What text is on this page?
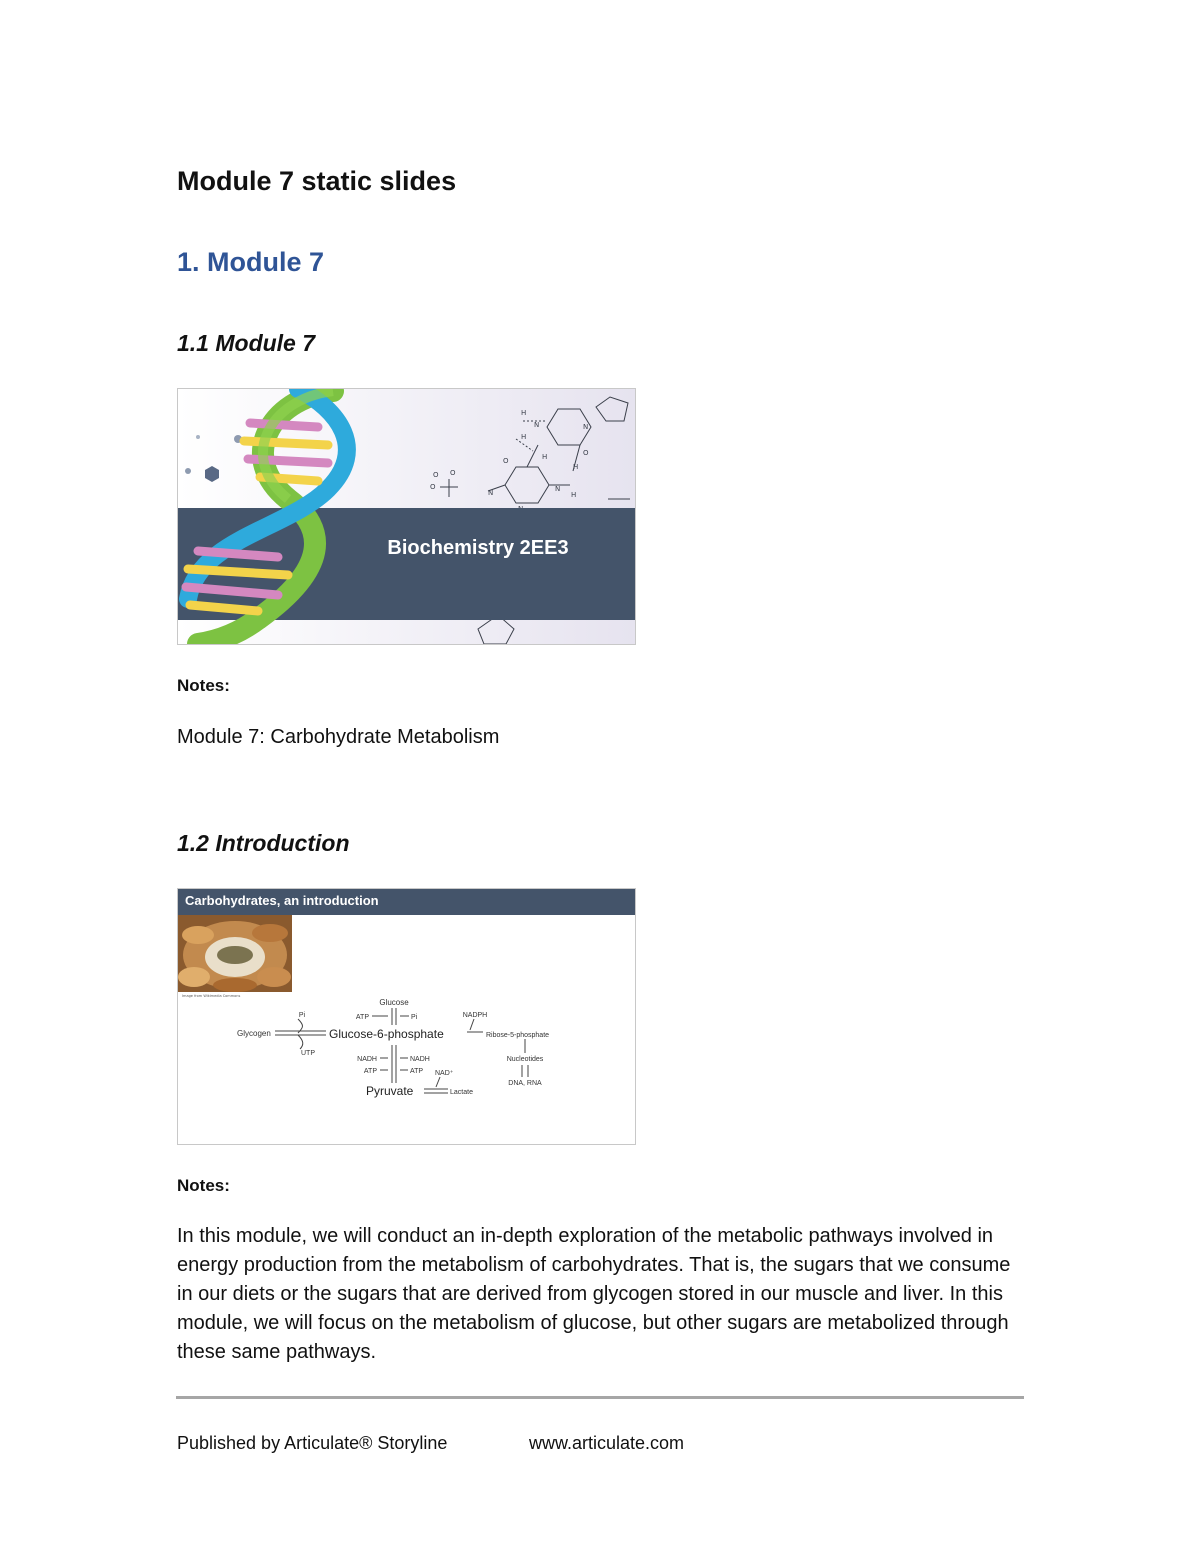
Module 7 static slides
1. Module 7
1.1 Module 7
H
N	N
O
O
H
H
H
N
H
O
O
O
N
Biochemistry 2EE3
Notes:
Module 7: Carbohydrate Metabolism
1.2 Introduction
Carbohydrates, an introduction
Image from Wikimedia Commons
Glucose
ATP	Pi
Glycogen
Pi
UTP
Glucose-6-phosphate
NADPH
Ribose-5-phosphate
Nucleotides
DNA, RNA
NADH	NADH
ATP	ATP NAD⁺
Pyruvate	Lactate
Notes:
In this module, we will conduct an in-depth exploration of the metabolic pathways involved in energy production from the metabolism of carbohydrates. That is, the sugars that we consume in our diets or the sugars that are derived from glycogen stored in our muscle and liver. In this module, we will focus on the metabolism of glucose, but other sugars are metabolized through these same pathways.
Published by Articulate® Storyline	www.articulate.com
